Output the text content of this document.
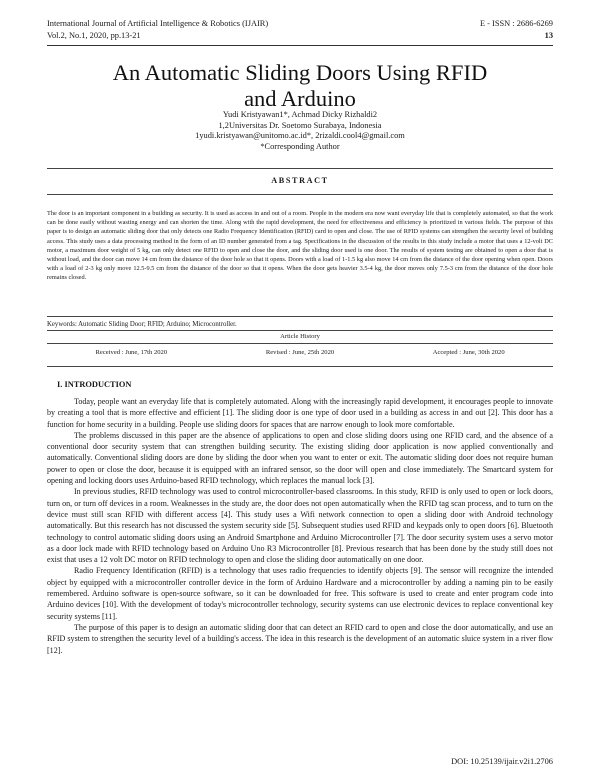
International Journal of Artificial Intelligence & Robotics (IJAIR)
Vol.2, No.1, 2020, pp.13-21
E - ISSN : 2686-6269
13
An Automatic Sliding Doors Using RFID
and Arduino
Yudi Kristyawan1*, Achmad Dicky Rizhaldi2
1,2Universitas Dr. Soetomo Surabaya, Indonesia
1yudi.kristyawan@unitomo.ac.id*, 2rizaldi.cool4@gmail.com
*Corresponding Author
ABSTRACT
The door is an important component in a building as security. It is used as access in and out of a room. People in the modern era now want everyday life that is completely automated, so that the work can be done easily without wasting energy and can shorten the time. Along with the rapid development, the need for effectiveness and efficiency is prioritized in various fields. The purpose of this paper is to design an automatic sliding door that only detects one Radio Frequency Identification (RFID) card to open and close. The use of RFID systems can strengthen the security level of building access. This study uses a data processing method in the form of an ID number generated from a tag. Specifications in the discussion of the results in this study include a motor that uses a 12-volt DC motor, a maximum door weight of 5 kg, can only detect one RFID to open and close the door, and the sliding door used is one door. The results of system testing are obtained to open a door that is without load, and the door can move 14 cm from the distance of the door hole so that it opens. Doors with a load of 1-1.5 kg also move 14 cm from the distance of the door opening when open. Doors with a load of 2-3 kg only move 12.5-9.5 cm from the distance of the door so that it opens. When the door gets heavier 3.5-4 kg, the door moves only 7.5-3 cm from the distance of the door hole remains closed.
Keywords: Automatic Sliding Door; RFID; Arduino; Microcontroller.
Article History
Received : June, 17th 2020	Revised : June, 25th 2020	Accepted : June, 30th 2020
I. INTRODUCTION

Today, people want an everyday life that is completely automated. Along with the increasingly rapid development, it encourages people to innovate by creating a tool that is more effective and efficient [1]. The sliding door is one type of door used in a building as access in and out [2]. This door has a function for home security in a building. People use sliding doors for spaces that are narrow enough to look more comfortable.

The problems discussed in this paper are the absence of applications to open and close sliding doors using one RFID card, and the absence of a conventional door security system that can strengthen building security. The existing sliding door application is now applied conventionally and automatically. Conventional sliding doors are done by sliding the door when you want to enter or exit. The automatic sliding door does not require human power to open or close the door, because it is equipped with an infrared sensor, so the door will open and close immediately. The Smartcard system for opening and locking doors uses Arduino-based RFID technology, which replaces the manual lock [3].

In previous studies, RFID technology was used to control microcontroller-based classrooms. In this study, RFID is only used to open or lock doors, turn on, or turn off devices in a room. Weaknesses in the study are, the door does not open automatically when the RFID tag scan process, and to turn on the device must still scan RFID with different access [4]. This study uses a Wifi network connection to open a sliding door with Android technology automatically. But this research has not discussed the system security side [5]. Subsequent studies used RFID and keypads only to open doors [6]. Bluetooth technology to control automatic sliding doors using an Android Smartphone and Arduino Microcontroller [7]. The door security system uses a servo motor as a door lock made with RFID technology based on Arduino Uno R3 Microcontroller [8]. Previous research that has been done by the study still does not exist that uses a 12 volt DC motor on RFID technology to open and close the sliding door automatically on one door.

Radio Frequency Identification (RFID) is a technology that uses radio frequencies to identify objects [9]. The sensor will recognize the intended object by equipped with a microcontroller controller device in the form of Arduino Hardware and a microcontroller by adding a naming pin to be easily remembered. Arduino software is open-source software, so it can be downloaded for free. This software is used to create and enter program code into Arduino devices [10]. With the development of today's microcontroller technology, security systems can use electronic devices to replace conventional key security systems [11].

The purpose of this paper is to design an automatic sliding door that can detect an RFID card to open and close the door automatically, and use an RFID system to strengthen the security level of a building's access. The idea in this research is the development of an automatic sluice system in a river flow [12].

DOI: 10.25139/ijair.v2i1.2706
